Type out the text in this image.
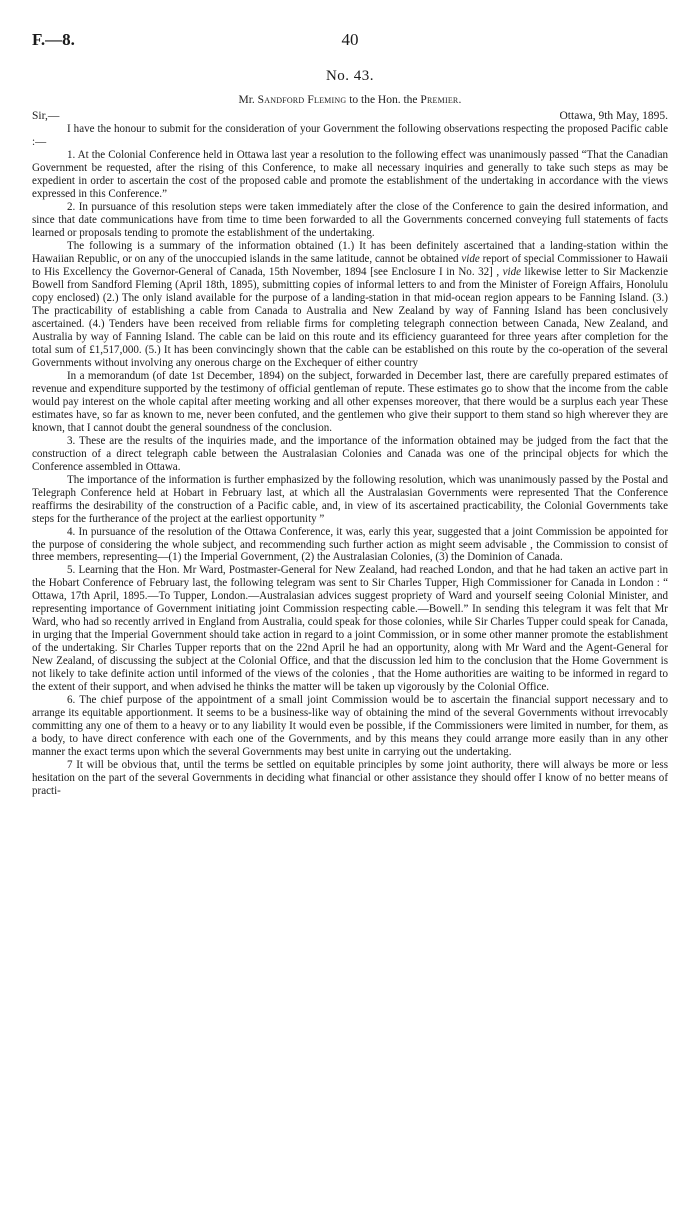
F.—8.	40
No. 43.
Mr. Sandford Fleming to the Hon. the Premier.
Sir,—	Ottawa, 9th May, 1895.

I have the honour to submit for the consideration of your Government the following observations respecting the proposed Pacific cable :—

1. At the Colonial Conference held in Ottawa last year a resolution to the following effect was unanimously passed “That the Canadian Government be requested, after the rising of this Conference, to make all necessary inquiries and generally to take such steps as may be expedient in order to ascertain the cost of the proposed cable and promote the establishment of the undertaking in accordance with the views expressed in this Conference.”

2. In pursuance of this resolution steps were taken immediately after the close of the Conference to gain the desired information, and since that date communications have from time to time been forwarded to all the Governments concerned conveying full statements of facts learned or proposals tending to promote the establishment of the undertaking.

The following is a summary of the information obtained (1.) It has been definitely ascertained that a landing-station within the Hawaiian Republic, or on any of the unoccupied islands in the same latitude, cannot be obtained vide report of special Commissioner to Hawaii to His Excellency the Governor-General of Canada, 15th November, 1894 [see Enclosure I in No. 32] , vide likewise letter to Sir Mackenzie Bowell from Sandford Fleming (April 18th, 1895), submitting copies of informal letters to and from the Minister of Foreign Affairs, Honolulu copy enclosed) (2.) The only island available for the purpose of a landing-station in that mid-ocean region appears to be Fanning Island. (3.) The practicability of establishing a cable from Canada to Australia and New Zealand by way of Fanning Island has been conclusively ascertained. (4.) Tenders have been received from reliable firms for completing telegraph connection between Canada, New Zealand, and Australia by way of Fanning Island. The cable can be laid on this route and its efficiency guaranteed for three years after completion for the total sum of £1,517,000. (5.) It has been convincingly shown that the cable can be established on this route by the co-operation of the several Governments without involving any onerous charge on the Exchequer of either country

In a memorandum (of date 1st December, 1894) on the subject, forwarded in December last, there are carefully prepared estimates of revenue and expenditure supported by the testimony of official gentleman of repute. These estimates go to show that the income from the cable would pay interest on the whole capital after meeting working and all other expenses moreover, that there would be a surplus each year These estimates have, so far as known to me, never been confuted, and the gentlemen who give their support to them stand so high wherever they are known, that I cannot doubt the general soundness of the conclusion.

3. These are the results of the inquiries made, and the importance of the information obtained may be judged from the fact that the construction of a direct telegraph cable between the Australasian Colonies and Canada was one of the principal objects for which the Conference assembled in Ottawa.

The importance of the information is further emphasized by the following resolution, which was unanimously passed by the Postal and Telegraph Conference held at Hobart in February last, at which all the Australasian Governments were represented That the Conference reaffirms the desirability of the construction of a Pacific cable, and, in view of its ascertained practicability, the Colonial Governments take steps for the furtherance of the project at the earliest opportunity ”

4. In pursuance of the resolution of the Ottawa Conference, it was, early this year, suggested that a joint Commission be appointed for the purpose of considering the whole subject, and recommending such further action as might seem advisable , the Commission to consist of three members, representing—(1) the Imperial Government, (2) the Australasian Colonies, (3) the Dominion of Canada.

5. Learning that the Hon. Mr Ward, Postmaster-General for New Zealand, had reached London, and that he had taken an active part in the Hobart Conference of February last, the following telegram was sent to Sir Charles Tupper, High Commissioner for Canada in London : “ Ottawa, 17th April, 1895.—To Tupper, London.—Australasian advices suggest propriety of Ward and yourself seeing Colonial Minister, and representing importance of Government initiating joint Commission respecting cable.—Bowell.” In sending this telegram it was felt that Mr Ward, who had so recently arrived in England from Australia, could speak for those colonies, while Sir Charles Tupper could speak for Canada, in urging that the Imperial Government should take action in regard to a joint Commission, or in some other manner promote the establishment of the undertaking. Sir Charles Tupper reports that on the 22nd April he had an opportunity, along with Mr Ward and the Agent-General for New Zealand, of discussing the subject at the Colonial Office, and that the discussion led him to the conclusion that the Home Government is not likely to take definite action until informed of the views of the colonies , that the Home authorities are waiting to be informed in regard to the extent of their support, and when advised he thinks the matter will be taken up vigorously by the Colonial Office.

6. The chief purpose of the appointment of a small joint Commission would be to ascertain the financial support necessary and to arrange its equitable apportionment. It seems to be a business-like way of obtaining the mind of the several Governments without irrevocably committing any one of them to a heavy or to any liability It would even be possible, if the Commissioners were limited in number, for them, as a body, to have direct conference with each one of the Governments, and by this means they could arrange more easily than in any other manner the exact terms upon which the several Governments may best unite in carrying out the undertaking.

7 It will be obvious that, until the terms be settled on equitable principles by some joint authority, there will always be more or less hesitation on the part of the several Governments in deciding what financial or other assistance they should offer I know of no better means of practi-
